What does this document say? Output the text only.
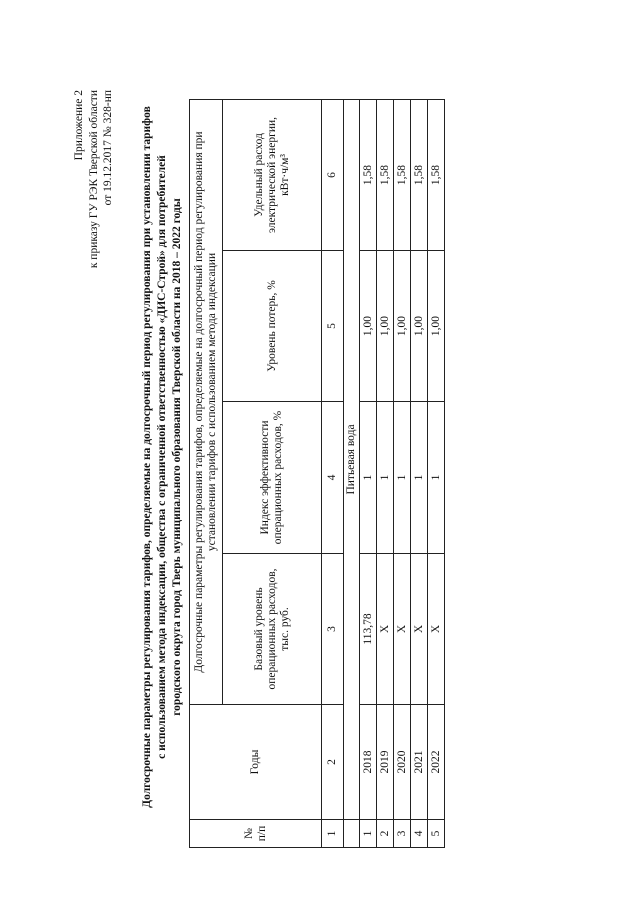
Приложение 2 к приказу ГУ РЭК Тверской области от 19.12.2017 № 328-нп Долгосрочные параметры регулирования тарифов, определяемые на долгосрочный период регулирования при установлении тарифов с использованием метода индексации, общества с ограниченной ответственностью «ДИС-Строй» для потребителей городского округа город Тверь муниципального образования Тверской области на 2018 – 2022 годы
№ п/п	Годы	Долгосрочные параметры регулирования тарифов, определяемые на долгосрочный период регулирования при установлении тарифов с использованием метода индексации			
		Базовый уровень операционных расходов, тыс. руб.	Индекс эффективности операционных расходов, %	Уровень потерь, %	Удельный расход электрической энергии, кВт·ч/м³
1	2	3	4	5	6
	Питьевая вода				
1	2018	113,78	1	1,00	1,58
2	2019	Х	1	1,00	1,58
3	2020	Х	1	1,00	1,58
4	2021	Х	1	1,00	1,58
5	2022	Х	1	1,00	1,58
